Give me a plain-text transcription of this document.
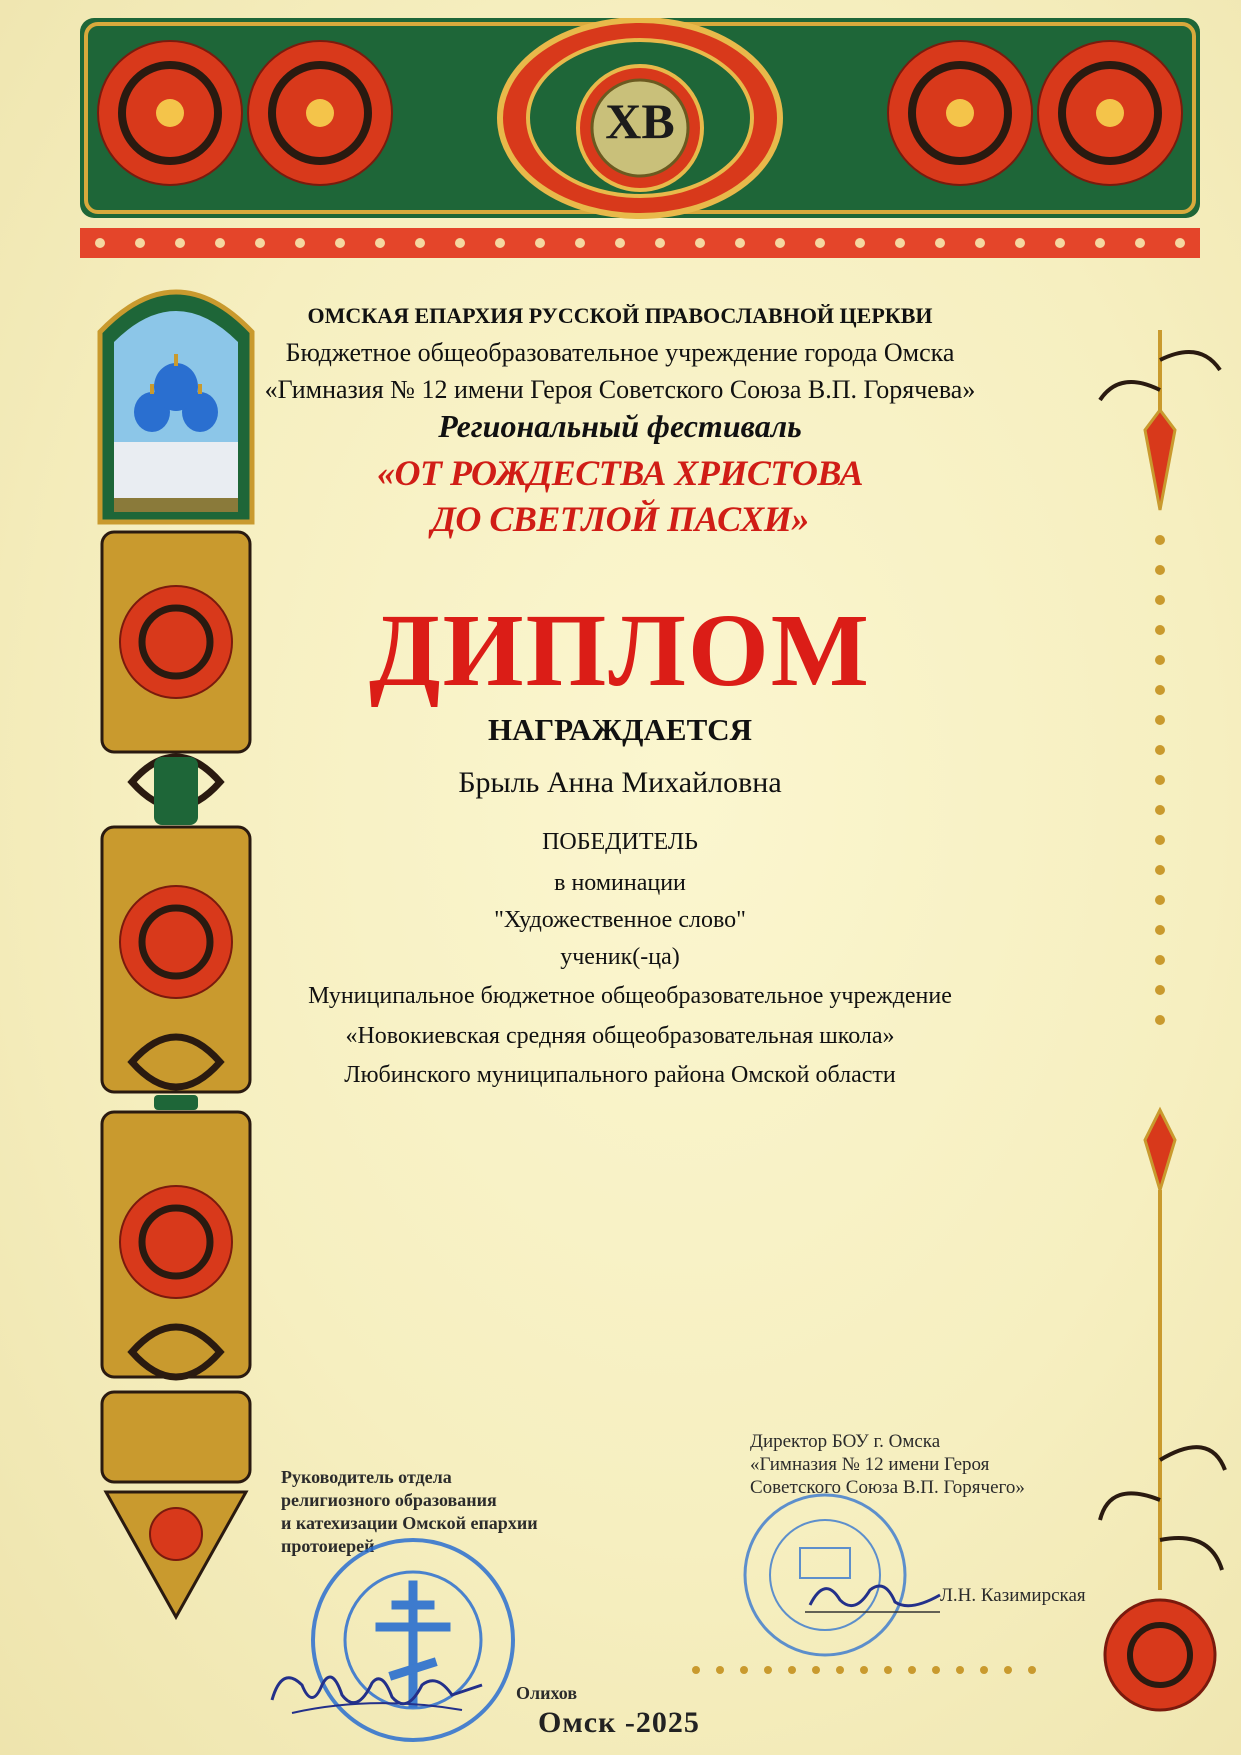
ХВ
ОМСКАЯ ЕПАРХИЯ РУССКОЙ ПРАВОСЛАВНОЙ ЦЕРКВИ
Бюджетное общеобразовательное учреждение города Омска
«Гимназия № 12 имени Героя Советского Союза В.П. Горячева»
Региональный фестиваль
«ОТ РОЖДЕСТВА ХРИСТОВА
ДО СВЕТЛОЙ ПАСХИ»
ДИПЛОМ
НАГРАЖДАЕТСЯ
Брыль Анна Михайловна
ПОБЕДИТЕЛЬ
в номинации
"Художественное слово"
ученик(-ца)
Муниципальное бюджетное общеобразовательное учреждение
«Новокиевская средняя общеобразовательная школа»
Любинского муниципального района Омской области
Руководитель отдела
религиозного образования
и катехизации Омской епархии
протоиерей
Олихов
Директор БОУ г. Омска
«Гимназия № 12 имени Героя
Советского Союза В.П. Горячего»
Л.Н. Казимирская
Омск -2025
